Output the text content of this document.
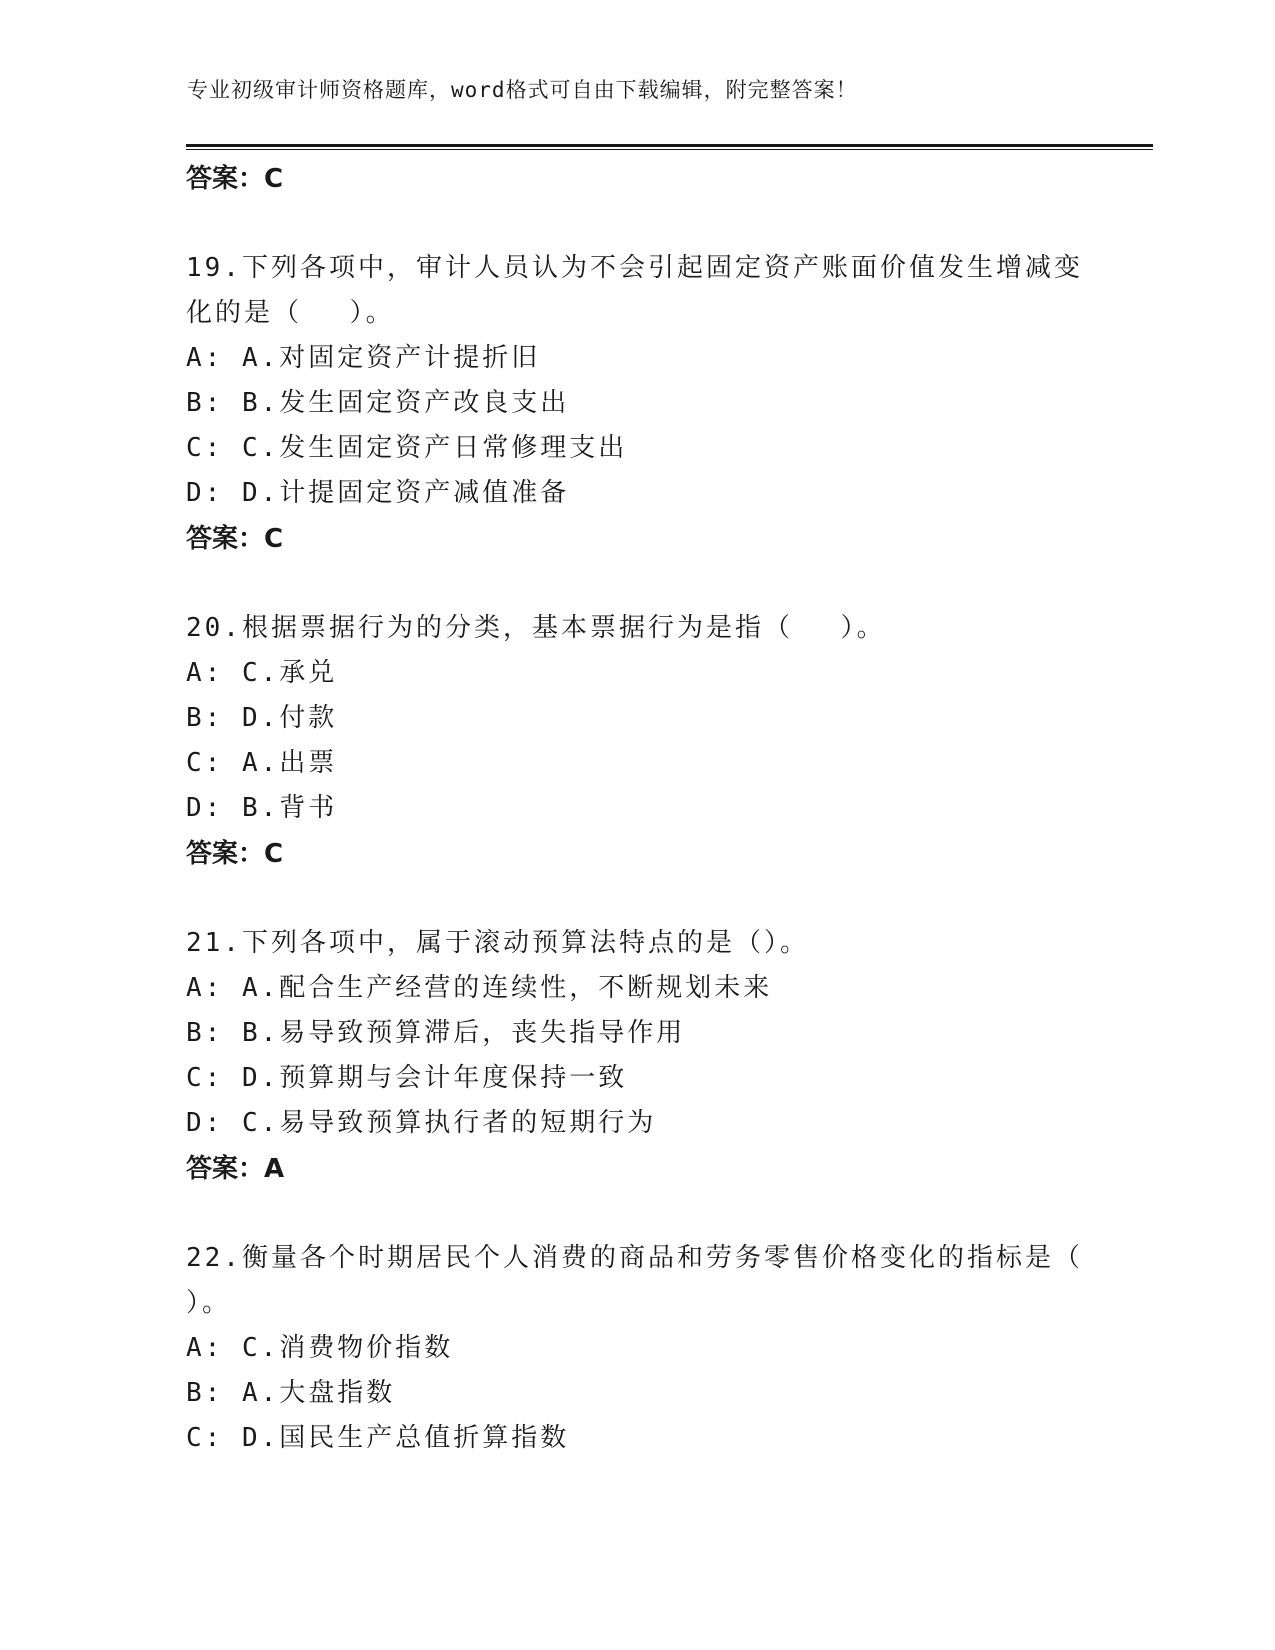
专业初级审计师资格题库，word格式可自由下载编辑，附完整答案！
答案：C
19.下列各项中，审计人员认为不会引起固定资产账面价值发生增减变
化的是（　 ）。
A: A.对固定资产计提折旧
B: B.发生固定资产改良支出
C: C.发生固定资产日常修理支出
D: D.计提固定资产减值准备
答案：C
20.根据票据行为的分类，基本票据行为是指（　 ）。
A: C.承兑
B: D.付款
C: A.出票
D: B.背书
答案：C
21.下列各项中，属于滚动预算法特点的是（）。
A: A.配合生产经营的连续性，不断规划未来
B: B.易导致预算滞后，丧失指导作用
C: D.预算期与会计年度保持一致
D: C.易导致预算执行者的短期行为
答案：A
22.衡量各个时期居民个人消费的商品和劳务零售价格变化的指标是（
）。
A: C.消费物价指数
B: A.大盘指数
C: D.国民生产总值折算指数
